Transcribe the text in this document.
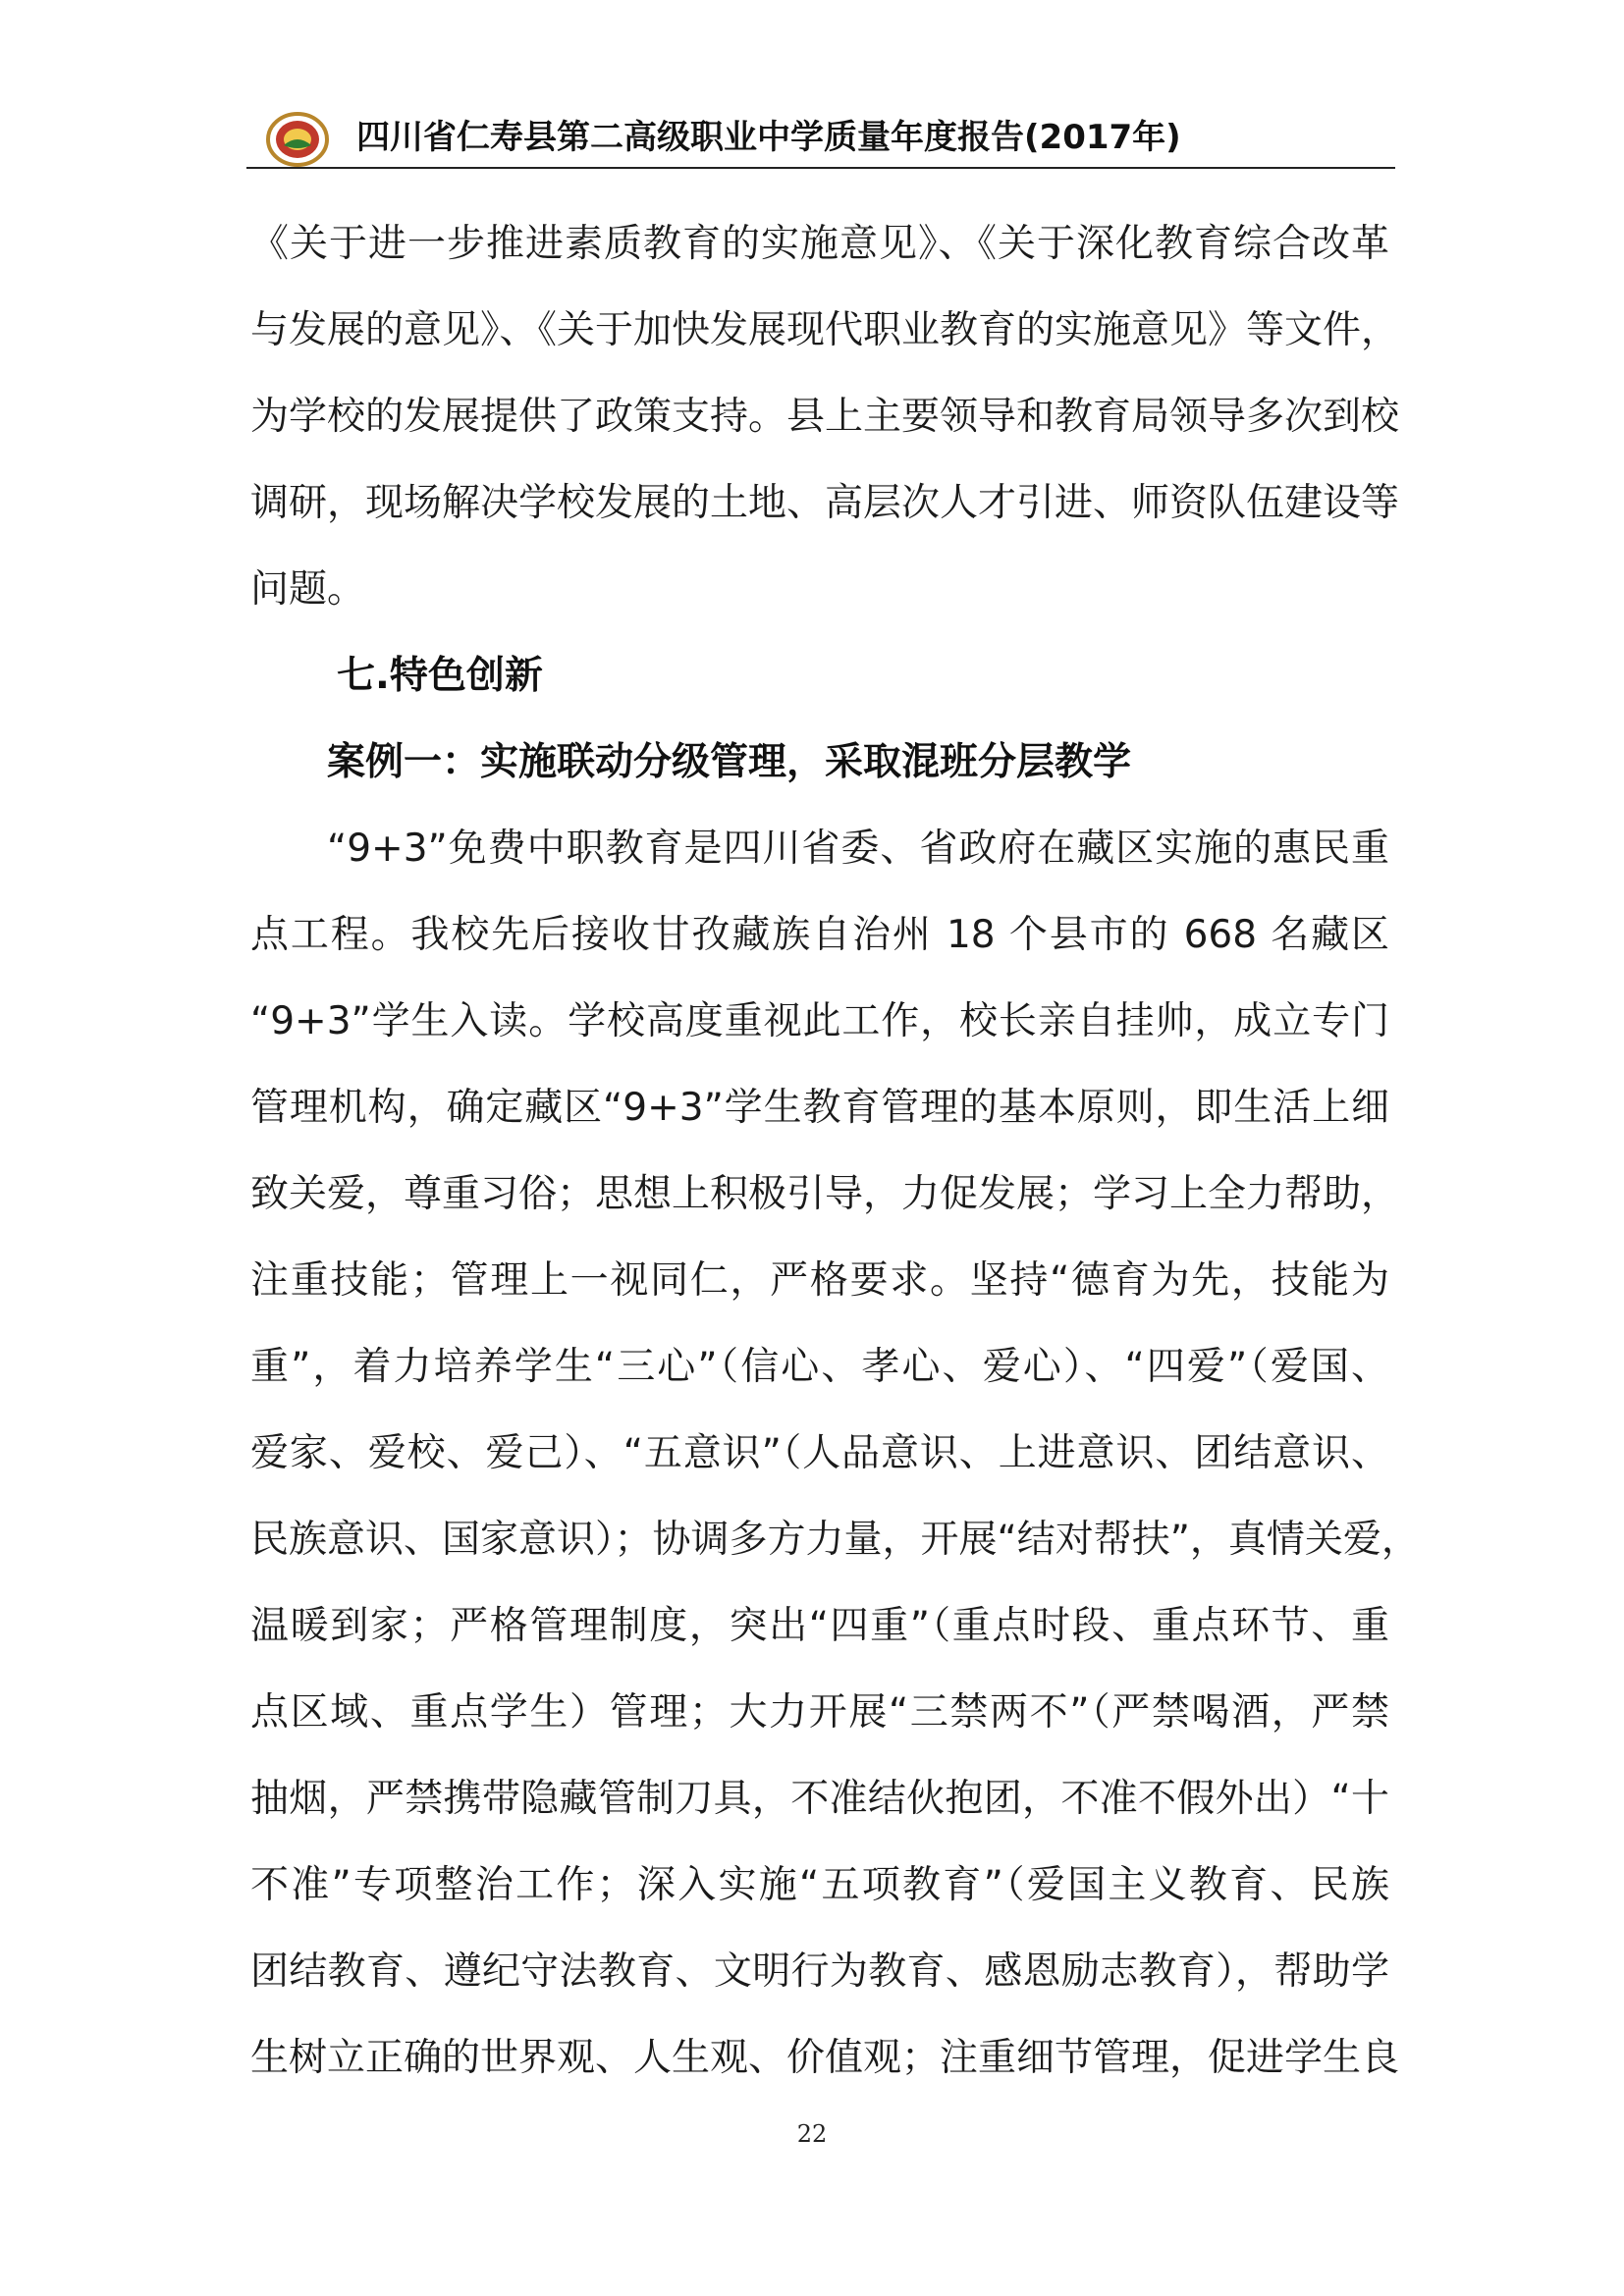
四川省仁寿县第二高级职业中学质量年度报告(2017年)
《关于进一步推进素质教育的实施意见》、《关于深化教育综合改革
与发展的意见》、《关于加快发展现代职业教育的实施意见》等文件，
为学校的发展提供了政策支持。县上主要领导和教育局领导多次到校
调研，现场解决学校发展的土地、高层次人才引进、师资队伍建设等
问题。
七.特色创新
案例一：实施联动分级管理，采取混班分层教学
“9+3”免费中职教育是四川省委、省政府在藏区实施的惠民重
点工程。我校先后接收甘孜藏族自治州 18 个县市的 668 名藏区
“9+3”学生入读。学校高度重视此工作，校长亲自挂帅，成立专门
管理机构，确定藏区“9+3”学生教育管理的基本原则，即生活上细
致关爱，尊重习俗；思想上积极引导，力促发展；学习上全力帮助，
注重技能；管理上一视同仁，严格要求。坚持“德育为先，技能为
重”，着力培养学生“三心”（信心、孝心、爱心）、“四爱”（爱国、
爱家、爱校、爱己）、“五意识”（人品意识、上进意识、团结意识、
民族意识、国家意识）；协调多方力量，开展“结对帮扶”，真情关爱，
温暖到家；严格管理制度，突出“四重”（重点时段、重点环节、重
点区域、重点学生）管理；大力开展“三禁两不”（严禁喝酒，严禁
抽烟，严禁携带隐藏管制刀具，不准结伙抱团，不准不假外出）“十
不准”专项整治工作；深入实施“五项教育”（爱国主义教育、民族
团结教育、遵纪守法教育、文明行为教育、感恩励志教育），帮助学
生树立正确的世界观、人生观、价值观；注重细节管理，促进学生良
22
